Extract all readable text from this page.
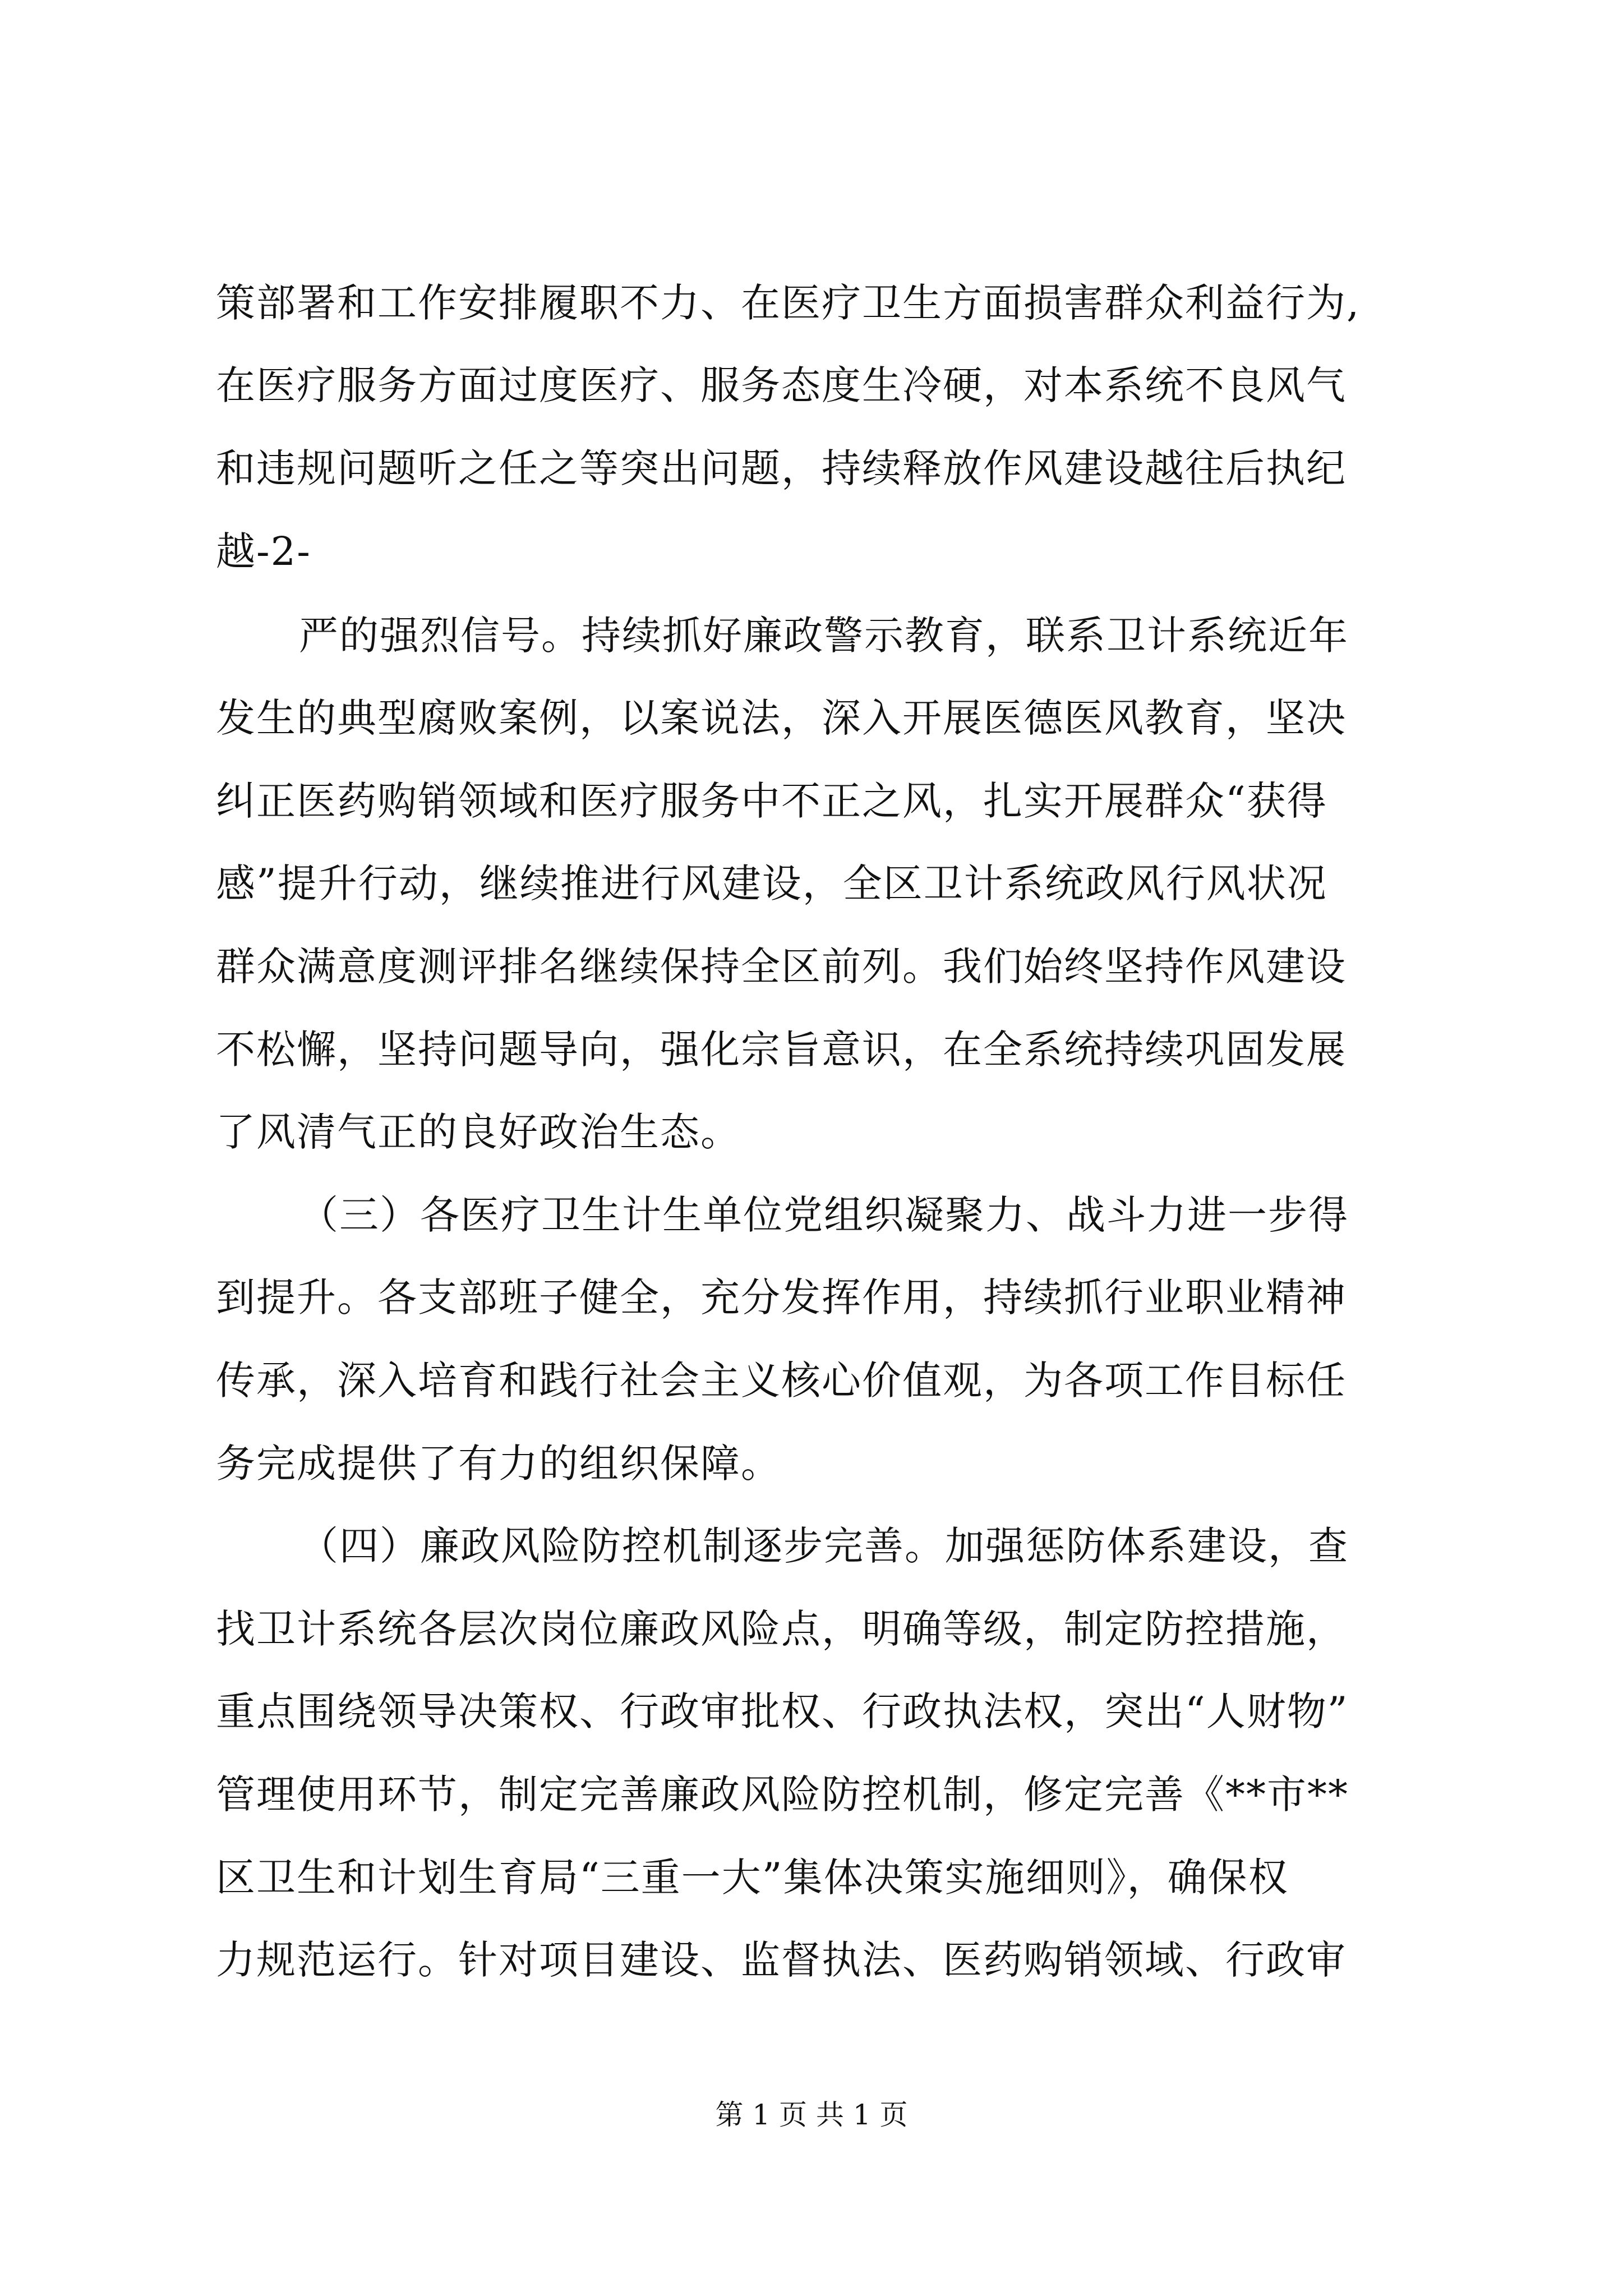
策部署和工作安排履职不力、在医疗卫生方面损害群众利益行为,
在医疗服务方面过度医疗、服务态度生冷硬，对本系统不良风气
和违规问题听之任之等突出问题，持续释放作风建设越往后执纪
越-2-
严的强烈信号。持续抓好廉政警示教育，联系卫计系统近年
发生的典型腐败案例，以案说法，深入开展医德医风教育，坚决
纠正医药购销领域和医疗服务中不正之风，扎实开展群众“获得
感”提升行动，继续推进行风建设，全区卫计系统政风行风状况
群众满意度测评排名继续保持全区前列。我们始终坚持作风建设
不松懈，坚持问题导向，强化宗旨意识，在全系统持续巩固发展
了风清气正的良好政治生态。
（三）各医疗卫生计生单位党组织凝聚力、战斗力进一步得
到提升。各支部班子健全，充分发挥作用，持续抓行业职业精神
传承，深入培育和践行社会主义核心价值观，为各项工作目标任
务完成提供了有力的组织保障。
（四）廉政风险防控机制逐步完善。加强惩防体系建设，查
找卫计系统各层次岗位廉政风险点，明确等级，制定防控措施，
重点围绕领导决策权、行政审批权、行政执法权，突出“人财物”
管理使用环节，制定完善廉政风险防控机制，修定完善《**市**
区卫生和计划生育局“三重一大”集体决策实施细则》，确保权
力规范运行。针对项目建设、监督执法、医药购销领域、行政审
第 1 页 共 1 页
